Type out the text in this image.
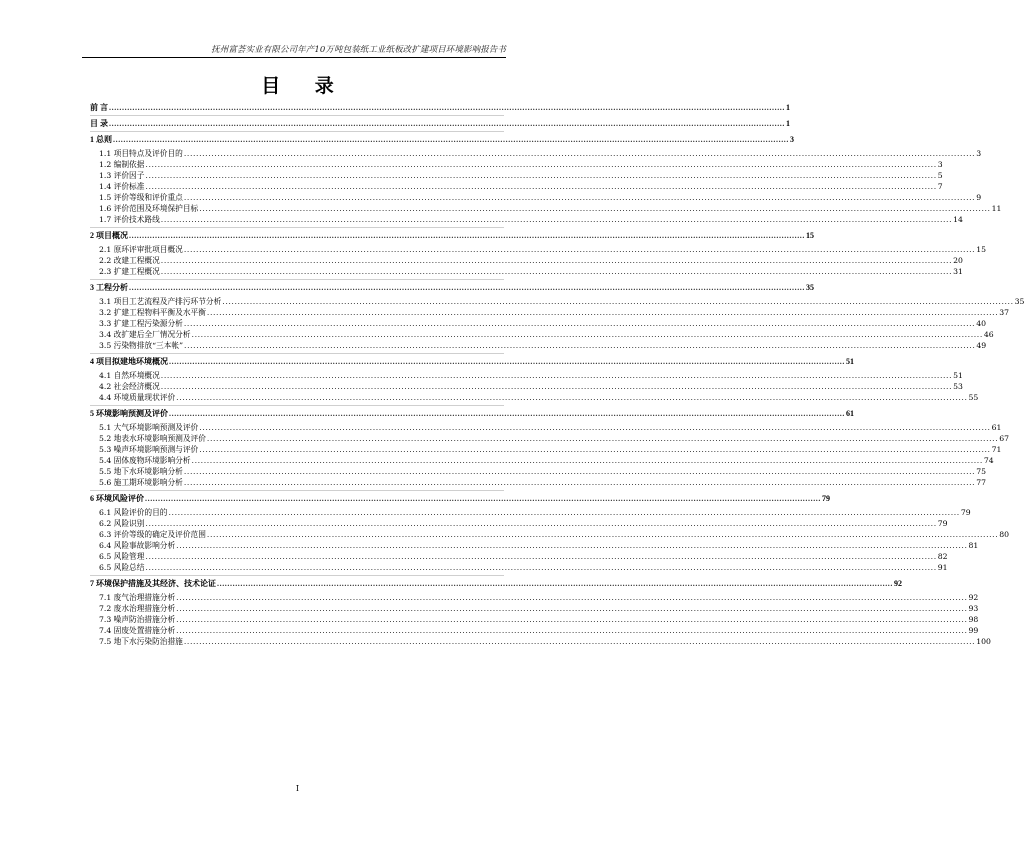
抚州富荟实业有限公司年产10万吨包装纸工业纸板改扩建项目环境影响报告书
目 录
前 言 .................................................................................................................................................................................................................................................................... 1
目 录 .................................................................................................................................................................................................................................................................... 1
1 总则 .................................................................................................................................................................................................................................................................... 3
1.1 项目特点及评价目的 .................................................................................................................................................................................................................................................................... 3
1.2 编制依据 .................................................................................................................................................................................................................................................................... 3
1.3 评价因子 .................................................................................................................................................................................................................................................................... 5
1.4 评价标准 .................................................................................................................................................................................................................................................................... 7
1.5 评价等级和评价重点 .................................................................................................................................................................................................................................................................... 9
1.6 评价范围及环境保护目标 .................................................................................................................................................................................................................................................................... 11
1.7 评价技术路线 .................................................................................................................................................................................................................................................................... 14
2 项目概况 .................................................................................................................................................................................................................................................................... 15
2.1 原环评审批项目概况 .................................................................................................................................................................................................................................................................... 15
2.2 改建工程概况 .................................................................................................................................................................................................................................................................... 20
2.3 扩建工程概况 .................................................................................................................................................................................................................................................................... 31
3 工程分析 .................................................................................................................................................................................................................................................................... 35
3.1 项目工艺流程及产排污环节分析 .................................................................................................................................................................................................................................................................... 35
3.2 扩建工程物料平衡及水平衡 .................................................................................................................................................................................................................................................................... 37
3.3 扩建工程污染源分析 .................................................................................................................................................................................................................................................................... 40
3.4 改扩建后全厂情况分析 .................................................................................................................................................................................................................................................................... 46
3.5 污染物排放“三本帐” .................................................................................................................................................................................................................................................................... 49
4 项目拟建地环境概况 .................................................................................................................................................................................................................................................................... 51
4.1 自然环境概况 .................................................................................................................................................................................................................................................................... 51
4.2 社会经济概况 .................................................................................................................................................................................................................................................................... 53
4.4 环境质量现状评价 .................................................................................................................................................................................................................................................................... 55
5 环境影响预测及评价 .................................................................................................................................................................................................................................................................... 61
5.1 大气环境影响预测及评价 .................................................................................................................................................................................................................................................................... 61
5.2 地表水环境影响预测及评价 .................................................................................................................................................................................................................................................................... 67
5.3 噪声环境影响预测与评价 .................................................................................................................................................................................................................................................................... 71
5.4 固体废物环境影响分析 .................................................................................................................................................................................................................................................................... 74
5.5 地下水环境影响分析 .................................................................................................................................................................................................................................................................... 75
5.6 施工期环境影响分析 .................................................................................................................................................................................................................................................................... 77
6 环境风险评价 .................................................................................................................................................................................................................................................................... 79
6.1 风险评价的目的 .................................................................................................................................................................................................................................................................... 79
6.2 风险识别 .................................................................................................................................................................................................................................................................... 79
6.3 评价等级的确定及评价范围 .................................................................................................................................................................................................................................................................... 80
6.4 风险事故影响分析 .................................................................................................................................................................................................................................................................... 81
6.5 风险管理 .................................................................................................................................................................................................................................................................... 82
6.5 风险总结 .................................................................................................................................................................................................................................................................... 91
7 环境保护措施及其经济、技术论证 .................................................................................................................................................................................................................................................................... 92
7.1 废气治理措施分析 .................................................................................................................................................................................................................................................................... 92
7.2 废水治理措施分析 .................................................................................................................................................................................................................................................................... 93
7.3 噪声防治措施分析 .................................................................................................................................................................................................................................................................... 98
7.4 固废处置措施分析 .................................................................................................................................................................................................................................................................... 99
7.5 地下水污染防治措施 .................................................................................................................................................................................................................................................................... 100
I
